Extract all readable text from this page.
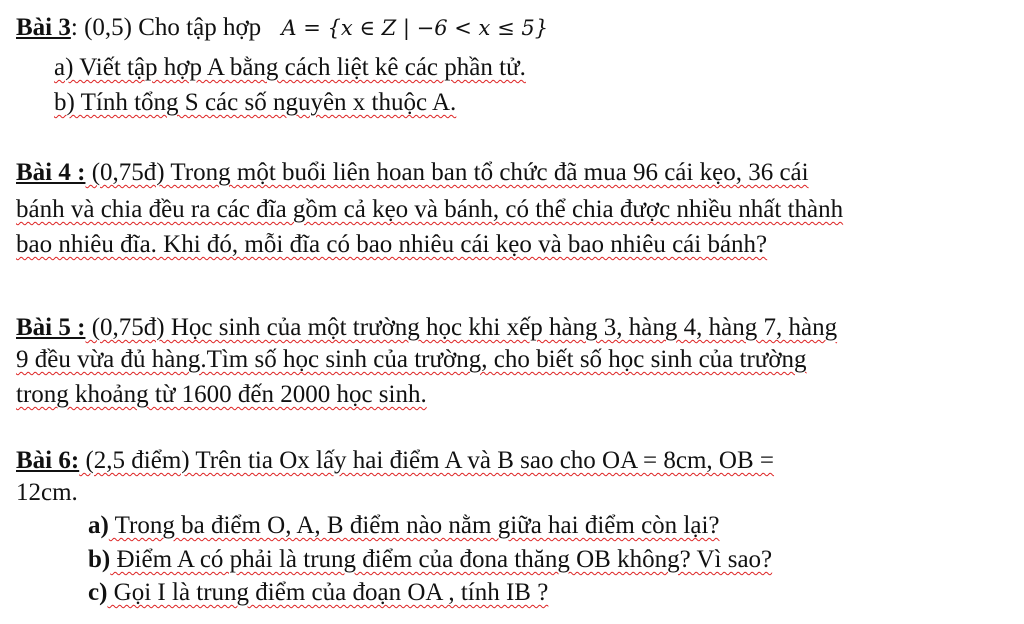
Bài 3: (0,5) Cho tập hợp A = {x ∈ Z | −6 < x ≤ 5}
a) Viết tập hợp A bằng cách liệt kê các phần tử.
b) Tính tổng S các số nguyên x thuộc A.
Bài 4 : (0,75đ) Trong một buổi liên hoan ban tổ chức đã mua 96 cái kẹo, 36 cái
bánh và chia đều ra các đĩa gồm cả kẹo và bánh, có thể chia được nhiều nhất thành
bao nhiêu đĩa. Khi đó, mỗi đĩa có bao nhiêu cái kẹo và bao nhiêu cái bánh?
Bài 5 : (0,75đ) Học sinh của một trường học khi xếp hàng 3, hàng 4, hàng 7, hàng
9 đều vừa đủ hàng.Tìm số học sinh của trường, cho biết số học sinh của trường
trong khoảng từ 1600 đến 2000 học sinh.
Bài 6: (2,5 điểm) Trên tia Ox lấy hai điểm A và B sao cho OA = 8cm, OB =
12cm.
a) Trong ba điểm O, A, B điểm nào nằm giữa hai điểm còn lại?
b) Điểm A có phải là trung điểm của đona thăng OB không? Vì sao?
c) Gọi I là trung điểm của đoạn OA , tính IB ?
